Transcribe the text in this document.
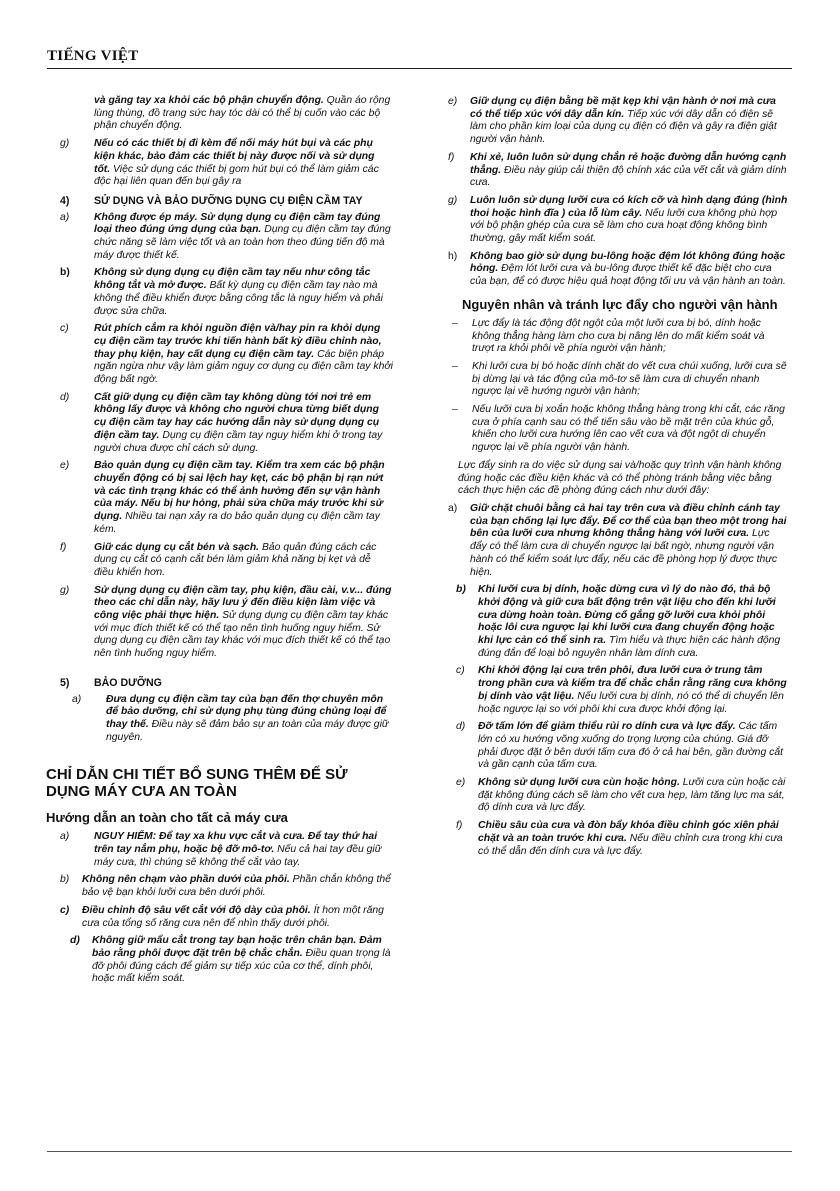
TIẾNG VIỆT
và găng tay xa khỏi các bộ phận chuyển động. Quần áo rộng lùng thùng, đồ trang sức hay tóc dài có thể bị cuốn vào các bộ phận chuyển động.
g)	Nếu có các thiết bị đi kèm để nối máy hút bụi và các phụ kiện khác, bảo đảm các thiết bị này được nối và sử dụng tốt. Việc sử dụng các thiết bị gom hút bụi có thể làm giảm các độc hại liên quan đến bụi gây ra
4)	SỬ DỤNG VÀ BẢO DƯỠNG DỤNG CỤ ĐIỆN CẦM TAY
a)	Không được ép máy. Sử dụng dụng cụ điện cầm tay đúng loại theo đúng ứng dụng của bạn. Dụng cụ điện cầm tay đúng chức năng sẽ làm việc tốt và an toàn hơn theo đúng tiến độ mà máy được thiết kế.
b)	Không sử dụng dụng cụ điện cầm tay nếu như công tắc không tắt và mở được. Bất kỳ dụng cụ điện cầm tay nào mà không thể điều khiển được bằng công tắc là nguy hiểm và phải được sửa chữa.
c)	Rút phích cắm ra khỏi nguồn điện và/hay pin ra khỏi dụng cụ điện cầm tay trước khi tiến hành bất kỳ điều chỉnh nào, thay phụ kiện, hay cất dụng cụ điện cầm tay. Các biện pháp ngăn ngừa như vậy làm giảm nguy cơ dụng cụ điện cầm tay khởi động bất ngờ.
d)	Cất giữ dụng cụ điện cầm tay không dùng tới nơi trẻ em không lấy được và không cho người chưa từng biết dụng cụ điện cầm tay hay các hướng dẫn này sử dụng dụng cụ điện cầm tay. Dụng cụ điện cầm tay nguy hiểm khi ở trong tay người chưa được chỉ cách sử dụng.
e)	Bảo quản dụng cụ điện cầm tay. Kiểm tra xem các bộ phận chuyển động có bị sai lệch hay kẹt, các bộ phận bị rạn nứt và các tình trạng khác có thể ảnh hưởng đến sự vận hành của máy. Nếu bị hư hỏng, phải sửa chữa máy trước khi sử dụng. Nhiều tai nạn xảy ra do bảo quản dụng cụ điện cầm tay kém.
f)	Giữ các dụng cụ cắt bén và sạch. Bảo quản đúng cách các dụng cụ cắt có cạnh cắt bén làm giảm khả năng bị kẹt và dễ điều khiển hơn.
g)	Sử dụng dụng cụ điện cầm tay, phụ kiện, đầu cài, v.v... đúng theo các chỉ dẫn này, hãy lưu ý đến điều kiện làm việc và công việc phải thực hiện. Sử dụng dụng cụ điện cầm tay khác với mục đích thiết kế có thể tạo nên tình huống nguy hiểm. Sử dụng dụng cụ điện cầm tay khác với mục đích thiết kế có thể tạo nên tình huống nguy hiểm.
5)	BẢO DƯỠNG
a)	Đưa dụng cụ điện cầm tay của bạn đến thợ chuyên môn để bảo dưỡng, chỉ sử dụng phụ tùng đúng chủng loại để thay thế. Điều này sẽ đảm bảo sự an toàn của máy được giữ nguyên.
CHỈ DẪN CHI TIẾT BỔ SUNG THÊM ĐỂ SỬ DỤNG MÁY CƯA AN TOÀN
Hướng dẫn an toàn cho tất cả máy cưa
a)	NGUY HIỂM: Để tay xa khu vực cắt và cưa. Để tay thứ hai trên tay nắm phụ, hoặc bệ đỡ mô-tơ. Nếu cả hai tay đều giữ máy cưa, thì chúng sẽ không thể cắt vào tay.
b)	Không nên chạm vào phần dưới của phôi. Phần chắn không thể bảo vệ bạn khỏi lưỡi cưa bên dưới phôi.
c)	Điều chỉnh độ sâu vết cắt với độ dày của phôi. Ít hơn một răng cưa của tổng số răng cưa nên để nhìn thấy dưới phôi.
d)	Không giữ mẩu cắt trong tay bạn hoặc trên chân bạn. Đảm bảo rằng phôi được đặt trên bệ chắc chắn. Điều quan trọng là đỡ phôi đúng cách để giảm sự tiếp xúc của cơ thể, dính phôi, hoặc mất kiểm soát.
e)	Giữ dụng cụ điện bằng bề mặt kẹp khi vận hành ở nơi mà cưa có thể tiếp xúc với dây dẫn kín. Tiếp xúc với dây dẫn có điện sẽ làm cho phần kim loại của dụng cụ điện có điện và gây ra điện giật người vận hành.
f)	Khi xẻ, luôn luôn sử dụng chắn rẻ hoặc đường dẫn hướng cạnh thẳng. Điều này giúp cải thiện độ chính xác của vết cắt và giảm dính cưa.
g)	Luôn luôn sử dụng lưỡi cưa có kích cỡ và hình dạng đúng (hình thoi hoặc hình đĩa ) của lỗ lùm cây. Nếu lưỡi cưa không phù hợp với bộ phận ghép của cưa sẽ làm cho cưa hoạt động không bình thường, gây mất kiểm soát.
h)	Không bao giờ sử dụng bu-lông hoặc đệm lót không đúng hoặc hỏng. Đệm lót lưỡi cưa và bu-lông được thiết kế đặc biệt cho cưa của bạn, để có được hiệu quả hoạt động tối ưu và vận hành an toàn.
Nguyên nhân và tránh lực đẩy cho người vận hành
–	Lực đẩy là tác động đột ngột của một lưỡi cưa bị bó, dính hoặc không thẳng hàng làm cho cưa bị nâng lên do mất kiểm soát và trượt ra khỏi phôi về phía người vận hành;
–	Khi lưỡi cưa bị bó hoặc dính chặt do vết cưa chúi xuống, lưỡi cưa sẽ bị dừng lại và tác động của mô-tơ sẽ làm cưa di chuyển nhanh ngược lại về hướng người vận hành;
–	Nếu lưỡi cưa bị xoắn hoặc không thẳng hàng trong khi cắt, các răng cưa ở phía cạnh sau có thể tiến sâu vào bề mặt trên của khúc gỗ, khiến cho lưỡi cưa hướng lên cao vết cưa và đột ngột di chuyển ngược lại về phía người vận hành.
Lực đẩy sinh ra do việc sử dụng sai và/hoặc quy trình vận hành không đúng hoặc các điều kiện khác và có thể phòng tránh bằng việc bằng cách thực hiện các đề phòng đúng cách như dưới đây:
a)	Giữ chặt chuôi bằng cả hai tay trên cưa và điều chỉnh cánh tay của bạn chống lại lực đẩy. Để cơ thể của bạn theo một trong hai bên của lưỡi cưa nhưng không thẳng hàng với lưỡi cưa. Lực đẩy có thể làm cưa di chuyển ngược lại bất ngờ, nhưng người vận hành có thể kiểm soát lực đẩy, nếu các đề phòng hợp lý được thực hiện.
b)	Khi lưỡi cưa bị dính, hoặc dừng cưa vì lý do nào đó, thả bộ khởi động và giữ cưa bất động trên vật liệu cho đến khi lưỡi cưa dừng hoàn toàn. Đừng cố gắng gỡ lưỡi cưa khỏi phôi hoặc lôi cưa ngược lại khi lưỡi cưa đang chuyển động hoặc khi lực cản có thể sinh ra. Tìm hiểu và thực hiện các hành động đúng đắn để loại bỏ nguyên nhân làm dính cưa.
c)	Khi khởi động lại cưa trên phôi, đưa lưỡi cưa ở trung tâm trong phần cưa và kiểm tra để chắc chắn rằng răng cưa không bị dính vào vật liệu. Nếu lưỡi cưa bị dính, nó có thể di chuyển lên hoặc ngược lại so với phôi khi cưa được khởi động lại.
d)	Đỡ tấm lớn để giảm thiểu rủi ro dính cưa và lực đẩy. Các tấm lớn có xu hướng võng xuống do trọng lượng của chúng. Giá đỡ phải được đặt ở bên dưới tấm cưa đó ở cả hai bên, gần đường cắt và gần cạnh của tấm cưa.
e)	Không sử dụng lưỡi cưa cùn hoặc hỏng. Lưỡi cưa cùn hoặc cài đặt không đúng cách sẽ làm cho vết cưa hẹp, làm tăng lực ma sát, độ dính cưa và lực đẩy.
f)	Chiều sâu của cưa và đòn bẩy khóa điều chỉnh góc xiên phải chặt và an toàn trước khi cưa. Nếu điều chỉnh cưa trong khi cưa có thể dẫn đến dính cưa và lực đẩy.
